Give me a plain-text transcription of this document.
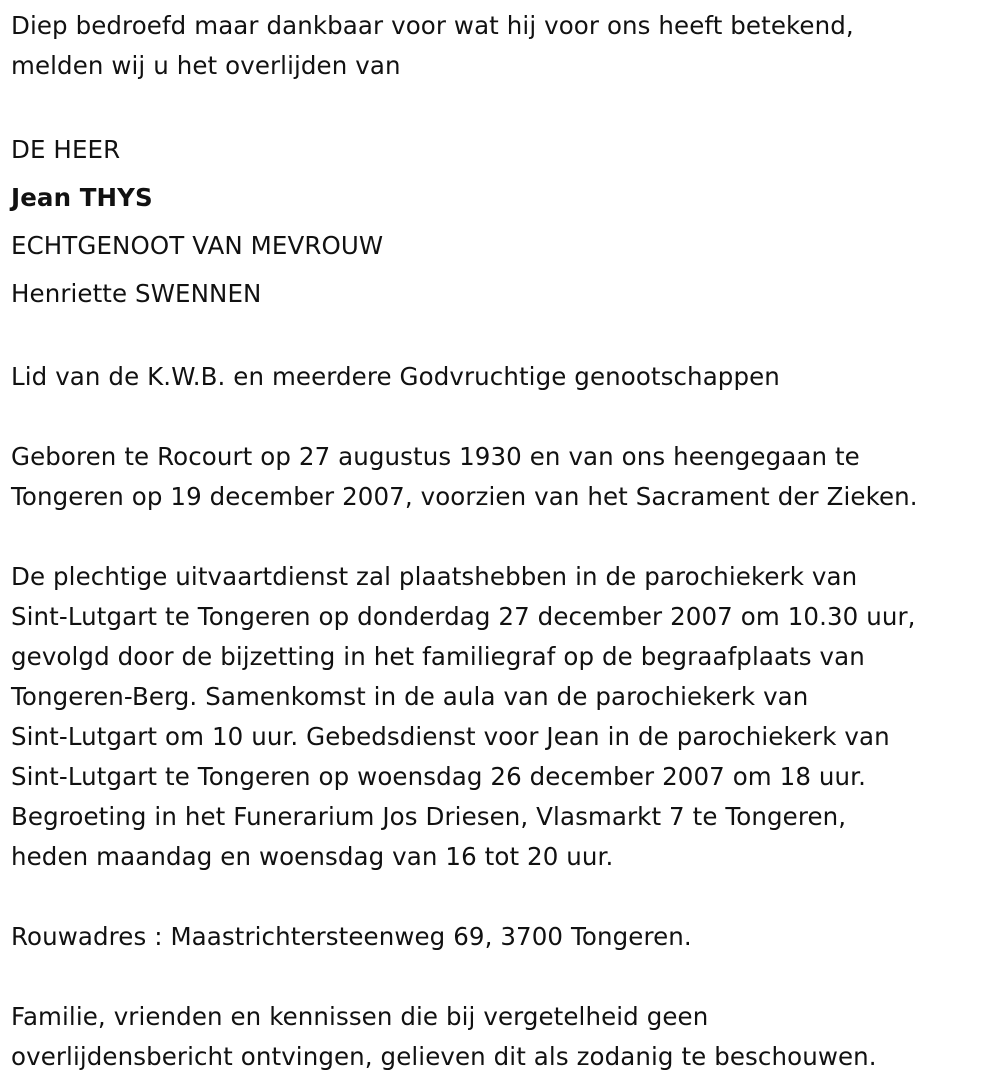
Diep bedroefd maar dankbaar voor wat hij voor ons heeft betekend,
melden wij u het overlijden van
DE HEER
Jean THYS
ECHTGENOOT VAN MEVROUW
Henriette SWENNEN
Lid van de K.W.B. en meerdere Godvruchtige genootschappen
Geboren te Rocourt op 27 augustus 1930 en van ons heengegaan te
Tongeren op 19 december 2007, voorzien van het Sacrament der Zieken.
De plechtige uitvaartdienst zal plaatshebben in de parochiekerk van
Sint-Lutgart te Tongeren op donderdag 27 december 2007 om 10.30 uur,
gevolgd door de bijzetting in het familiegraf op de begraafplaats van
Tongeren-Berg. Samenkomst in de aula van de parochiekerk van
Sint-Lutgart om 10 uur. Gebedsdienst voor Jean in de parochiekerk van
Sint-Lutgart te Tongeren op woensdag 26 december 2007 om 18 uur.
Begroeting in het Funerarium Jos Driesen, Vlasmarkt 7 te Tongeren,
heden maandag en woensdag van 16 tot 20 uur.
Rouwadres : Maastrichtersteenweg 69, 3700 Tongeren.
Familie, vrienden en kennissen die bij vergetelheid geen
overlijdensbericht ontvingen, gelieven dit als zodanig te beschouwen.
